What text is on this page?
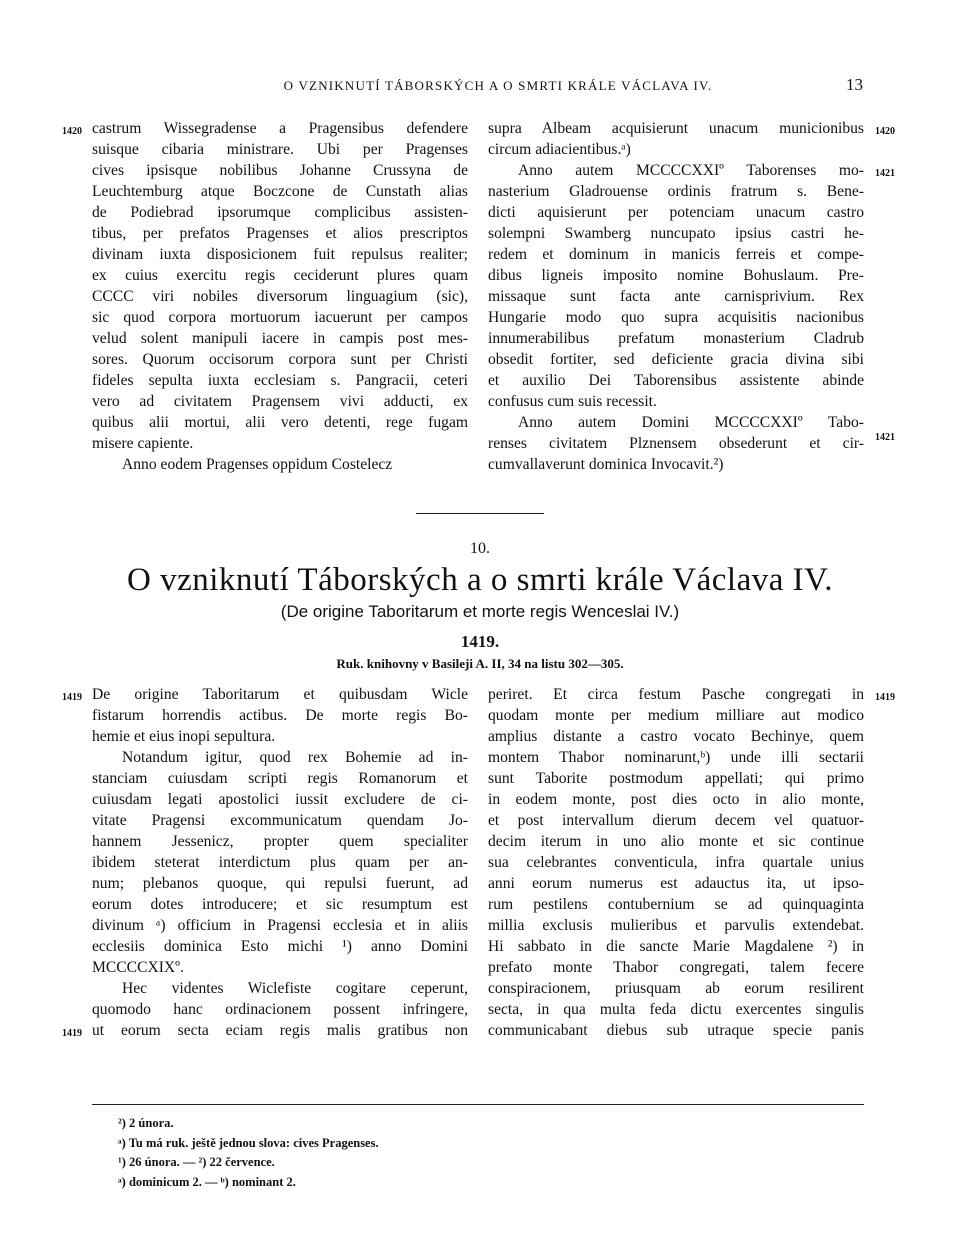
O VZNIKNUTÍ TÁBORSKÝCH A O SMRTI KRÁLE VÁCLAVA IV.	13
1420 castrum Wissegradense a Pragensibus defendere
suisque cibaria ministrare. Ubi per Pragenses
cives ipsisque nobilibus Johanne Crussyna de
Leuchtemburg atque Boczcone de Cunstath alias
de Podiebrad ipsorumque complicibus assisten-
tibus, per prefatos Pragenses et alios prescriptos
divinam iuxta disposicionem fuit repulsus realiter;
ex cuius exercitu regis ceciderunt plures quam
CCCC viri nobiles diversorum linguagium (sic),
sic quod corpora mortuorum iacuerunt per campos
velud solent manipuli iacere in campis post mes-
sores. Quorum occisorum corpora sunt per Christi
fideles sepulta iuxta ecclesiam s. Pangracii, ceteri
vero ad civitatem Pragensem vivi adducti, ex
quibus alii mortui, alii vero detenti, rege fugam
misere capiente.
Anno eodem Pragenses oppidum Costelecz
supra Albeam acquisierunt unacum municionibus
circum adiacientibus.ᵃ)
Anno autem MCCCCXXIº Taborenses mo-
nasterium Gladrouense ordinis fratrum s. Bene-
dicti aquisierunt per potenciam unacum castro
solempni Swamberg nuncupato ipsius castri he-
redem et dominum in manicis ferreis et compe-
dibus ligneis imposito nomine Bohuslaum. Pre-
missaque sunt facta ante carnisprivium. Rex
Hungarie modo quo supra acquisitis nacionibus
innumerabilibus prefatum monasterium Cladrub
obsedit fortiter, sed deficiente gracia divina sibi
et auxilio Dei Taborensibus assistente abinde
confusus cum suis recessit.
Anno autem Domini MCCCCXXIº Tabo-
renses civitatem Plznensem obsederunt et cir-
cumvallaverunt dominica Invocavit.²)
1420
1421
1421
10.
O vzniknutí Táborských a o smrti krále Václava IV.
(De origine Taboritarum et morte regis Wenceslai IV.)
1419.
Ruk. knihovny v Basileji A. II, 34 na listu 302—305.
1419
1419
De origine Taboritarum et quibusdam Wicle
fistarum horrendis actibus. De morte regis Bo-
hemie et eius inopi sepultura.
Notandum igitur, quod rex Bohemie ad in-
stanciam cuiusdam scripti regis Romanorum et
cuiusdam legati apostolici iussit excludere de ci-
vitate Pragensi excommunicatum quendam Jo-
hannem Jessenicz, propter quem specialiter
ibidem steterat interdictum plus quam per an-
num; plebanos quoque, qui repulsi fuerunt, ad
eorum dotes introducere; et sic resumptum est
divinum ᵃ) officium in Pragensi ecclesia et in aliis
ecclesiis dominica Esto michi ¹) anno Domini
MCCCCXIXº.
Hec videntes Wiclefiste cogitare ceperunt,
quomodo hanc ordinacionem possent infringere,
ut eorum secta eciam regis malis gratibus non
periret. Et circa festum Pasche congregati in
quodam monte per medium milliare aut modico
amplius distante a castro vocato Bechinye, quem
montem Thabor nominarunt,ᵇ) unde illi sectarii
sunt Taborite postmodum appellati; qui primo
in eodem monte, post dies octo in alio monte,
et post intervallum dierum decem vel quatuor-
decim iterum in uno alio monte et sic continue
sua celebrantes conventicula, infra quartale unius
anni eorum numerus est adauctus ita, ut ipso-
rum pestilens contubernium se ad quinquaginta
millia exclusis mulieribus et parvulis extendebat.
Hi sabbato in die sancte Marie Magdalene ²) in
prefato monte Thabor congregati, talem fecere
conspiracionem, priusquam ab eorum resilirent
secta, in qua multa feda dictu exercentes singulis
communicabant diebus sub utraque specie panis
1419
²) 2 února.
ᵃ) Tu má ruk. ještě jednou slova: cives Pragenses.
¹) 26 února. — ²) 22 července.
ᵃ) dominicum 2. — ᵇ) nominant 2.
